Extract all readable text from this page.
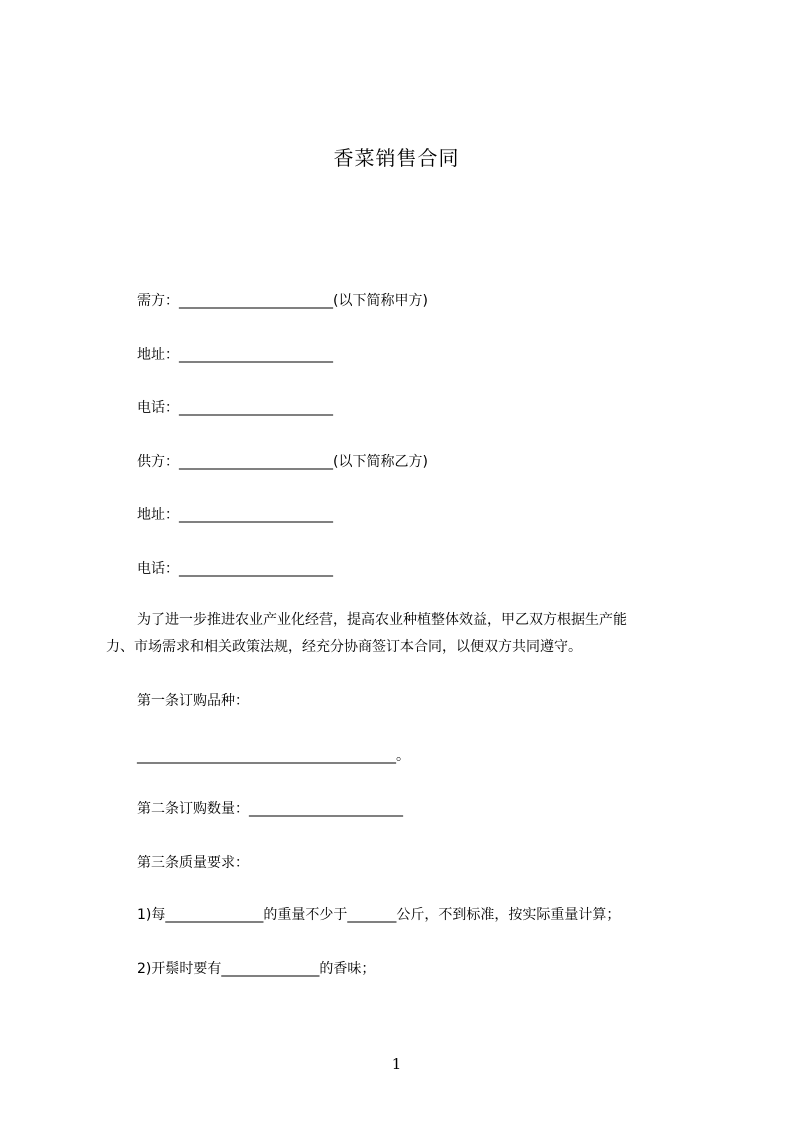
香菜销售合同
需方：______________________(以下简称甲方)
地址：______________________
电话：______________________
供方：______________________(以下简称乙方)
地址：______________________
电话：______________________
为了进一步推进农业产业化经营，提高农业种植整体效益，甲乙双方根据生产能
力、市场需求和相关政策法规，经充分协商签订本合同，以便双方共同遵守。
第一条订购品种：
_____________________________________。
第二条订购数量：______________________
第三条质量要求：
1)每______________的重量不少于_______公斤，不到标准，按实际重量计算；
2)开鬃时要有______________的香味；
1
